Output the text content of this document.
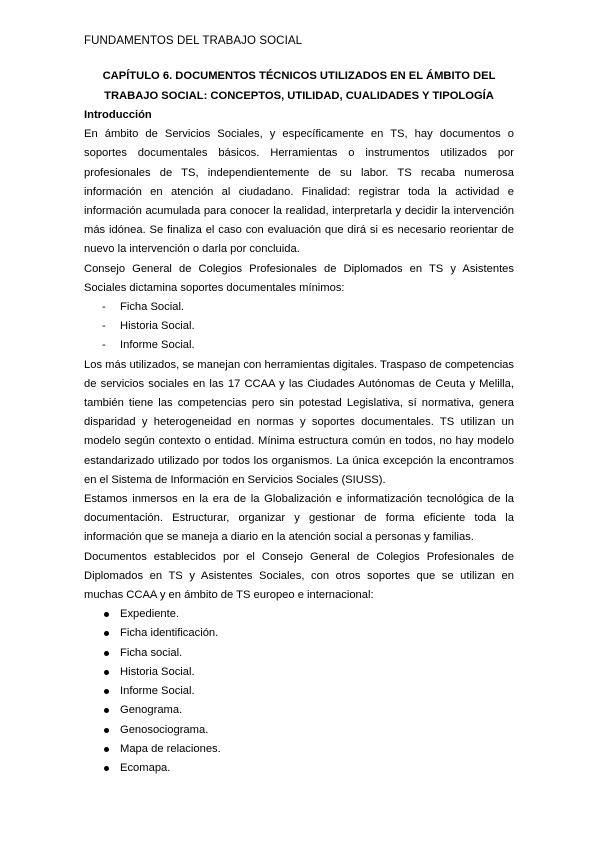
FUNDAMENTOS DEL TRABAJO SOCIAL
CAPÍTULO 6. DOCUMENTOS TÉCNICOS UTILIZADOS EN EL ÁMBITO DEL TRABAJO SOCIAL: CONCEPTOS, UTILIDAD, CUALIDADES Y TIPOLOGÍA
Introducción

En ámbito de Servicios Sociales, y específicamente en TS, hay documentos o soportes documentales básicos. Herramientas o instrumentos utilizados por profesionales de TS, independientemente de su labor. TS recaba numerosa información en atención al ciudadano. Finalidad: registrar toda la actividad e información acumulada para conocer la realidad, interpretarla y decidir la intervención más idónea. Se finaliza el caso con evaluación que dirá si es necesario reorientar de nuevo la intervención o darla por concluida.

Consejo General de Colegios Profesionales de Diplomados en TS y Asistentes Sociales dictamina soportes documentales mínimos:

- Ficha Social.
- Historia Social.
- Informe Social.

Los más utilizados, se manejan con herramientas digitales. Traspaso de competencias de servicios sociales en las 17 CCAA y las Ciudades Autónomas de Ceuta y Melilla, también tiene las competencias pero sin potestad Legislativa, sí normativa, genera disparidad y heterogeneidad en normas y soportes documentales. TS utilizan un modelo según contexto o entidad. Mínima estructura común en todos, no hay modelo estandarizado utilizado por todos los organismos. La única excepción la encontramos en el Sistema de Información en Servicios Sociales (SIUSS).

Estamos inmersos en la era de la Globalización e informatización tecnológica de la documentación. Estructurar, organizar y gestionar de forma eficiente toda la información que se maneja a diario en la atención social a personas y familias.

Documentos establecidos por el Consejo General de Colegios Profesionales de Diplomados en TS y Asistentes Sociales, con otros soportes que se utilizan en muchas CCAA y en ámbito de TS europeo e internacional:

Expediente.
Ficha identificación.
Ficha social.
Historia Social.
Informe Social.
Genograma.
Genosociograma.
Mapa de relaciones.
Ecomapa.
